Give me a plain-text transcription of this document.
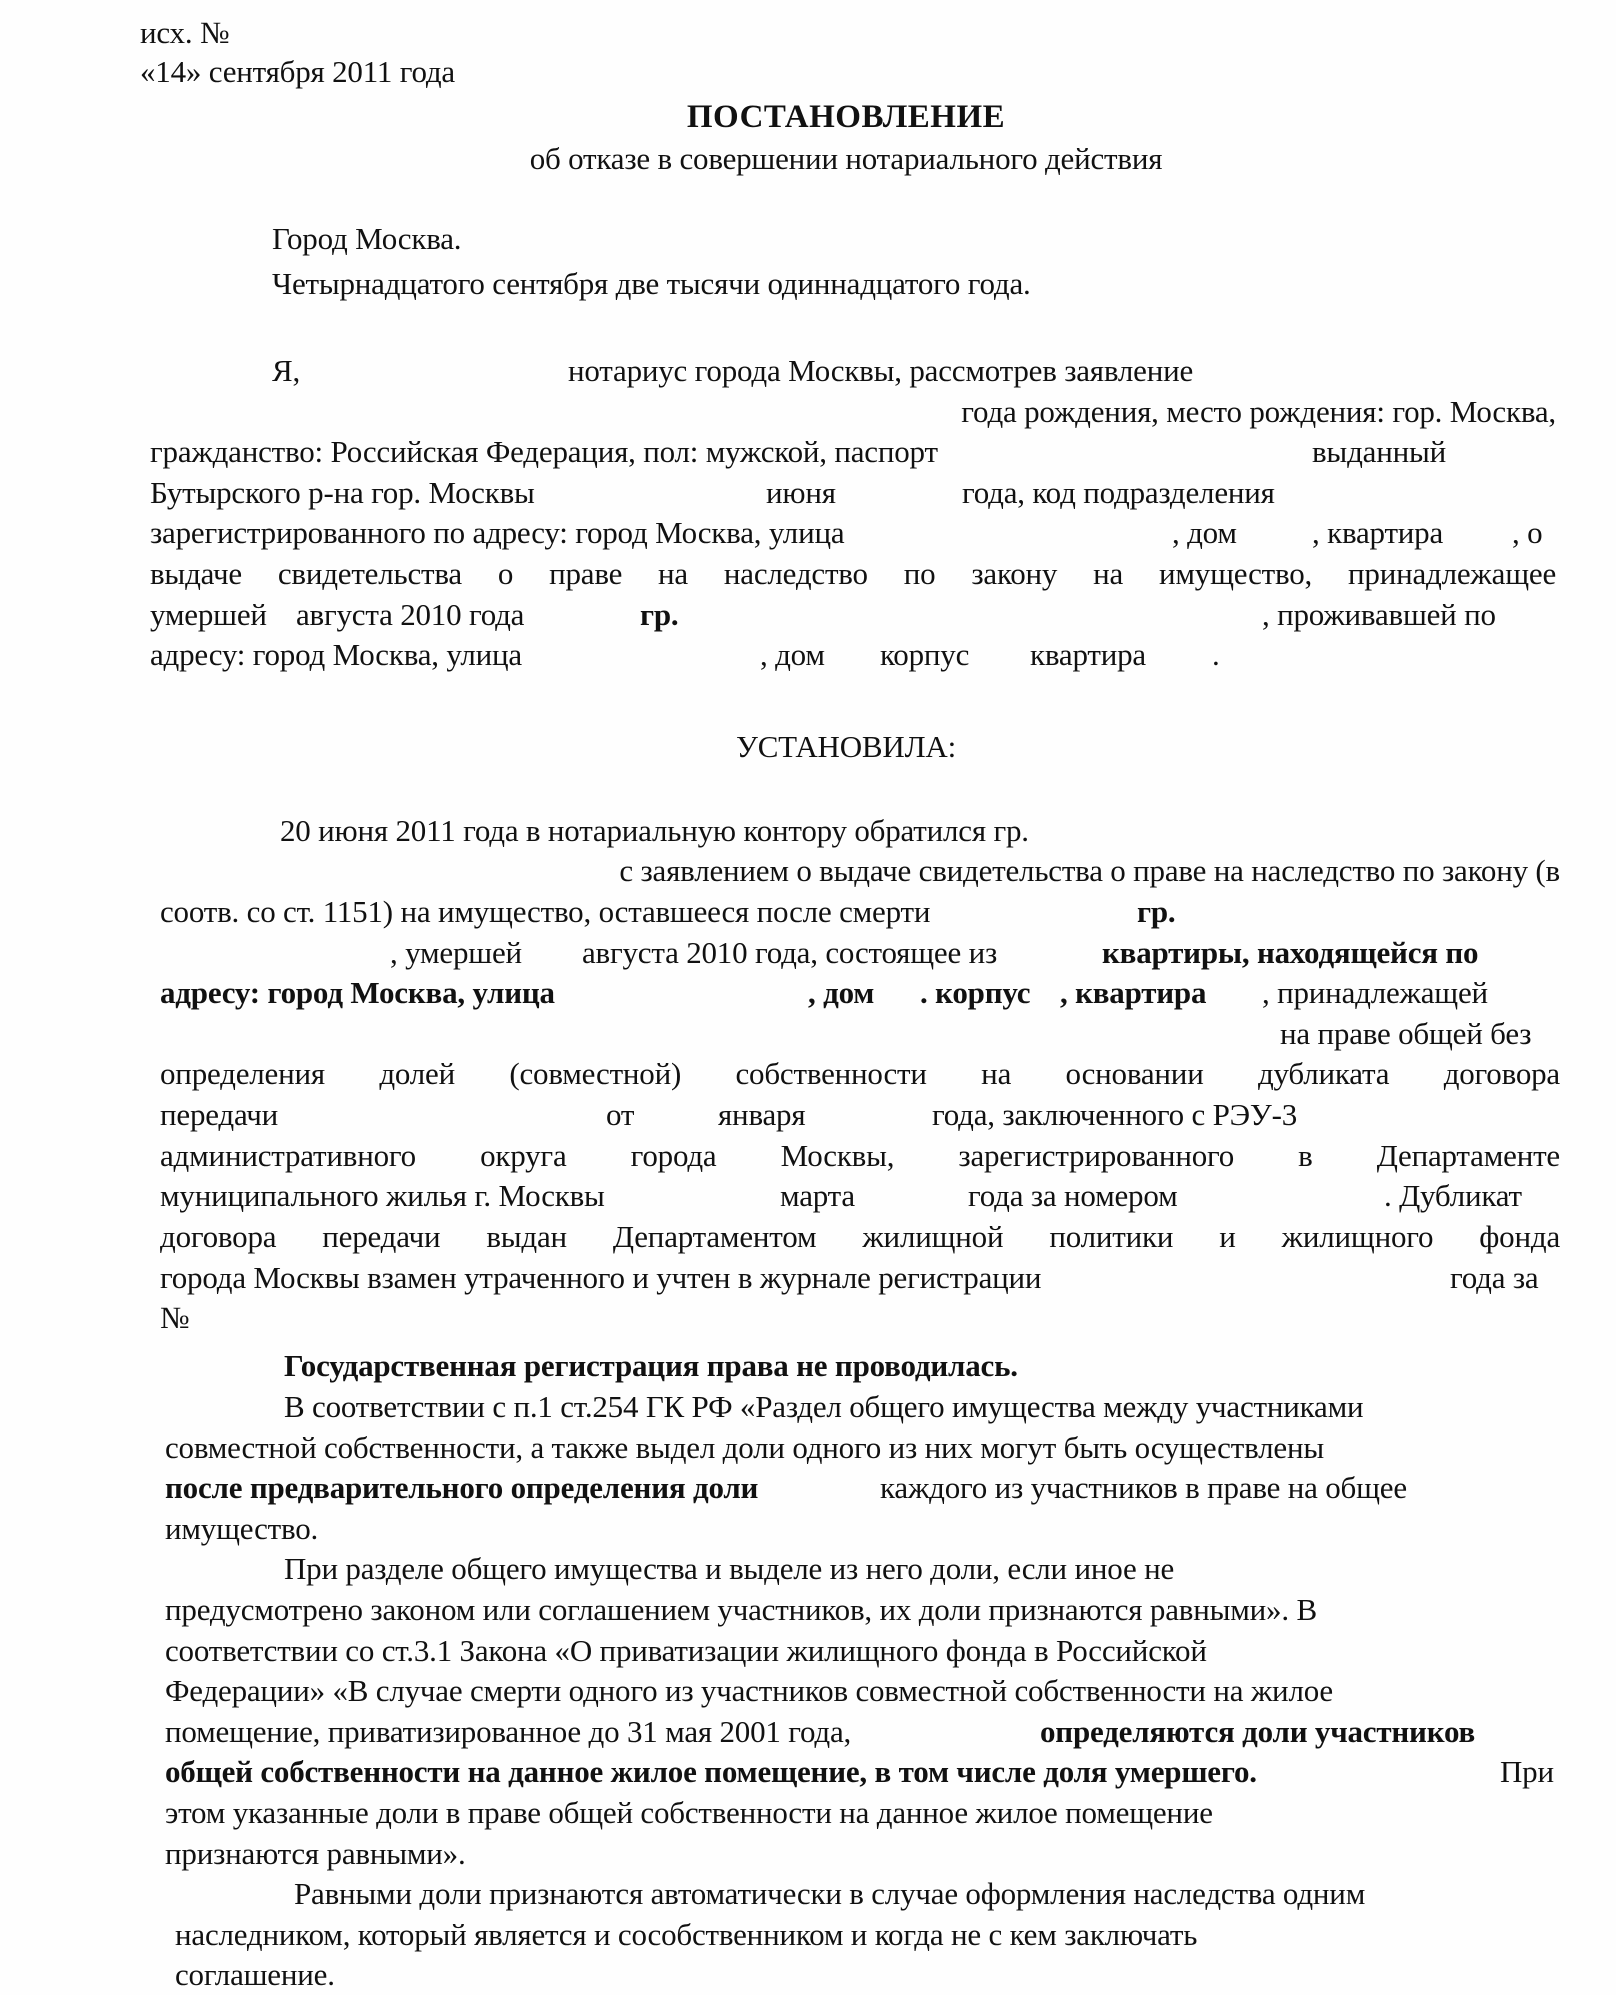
исх. №
«14» сентября 2011 года
ПОСТАНОВЛЕНИЕ
об отказе в совершении нотариального действия
Город Москва.
Четырнадцатого сентября две тысячи одиннадцатого года.
Я,	нотариус города Москвы, рассмотрев заявление
года рождения, место рождения: гор. Москва,
гражданство: Российская Федерация, пол: мужской, паспорт	выданный
Бутырского р-на гор. Москвы	июня	года, код подразделения
зарегистрированного по адресу: город Москва, улица	, дом , квартира , о
выдаче свидетельства о праве на наследство по закону на имущество, принадлежащее
умершей августа 2010 года	гр.	, проживавшей по
адресу: город Москва, улица	, дом корпус квартира .
УСТАНОВИЛА:
20 июня 2011 года в нотариальную контору обратился гр.
с заявлением о выдаче свидетельства о праве на наследство по закону (в
соотв. со ст. 1151) на имущество, оставшееся после смерти	гр.
, умершей августа 2010 года, состоящее из	квартиры, находящейся по
адресу: город Москва, улица	, дом . корпус , квартира , принадлежащей
на праве общей без
определения долей (совместной) собственности на основании дубликата договора
передачи	от	января	года, заключенного с РЭУ-3
административного округа города Москвы, зарегистрированного в Департаменте
муниципального жилья г. Москвы	марта	года за номером	. Дубликат
договора передачи выдан Департаментом жилищной политики и жилищного фонда
города Москвы взамен утраченного и учтен в журнале регистрации	года за
№
Государственная регистрация права не проводилась.
В соответствии с п.1 ст.254 ГК РФ «Раздел общего имущества между участниками
совместной собственности, а также выдел доли одного из них могут быть осуществлены
после предварительного определения доли	каждого из участников в праве на общее
имущество.
При разделе общего имущества и выделе из него доли, если иное не
предусмотрено законом или соглашением участников, их доли признаются равными». В
соответствии со ст.3.1 Закона «О приватизации жилищного фонда в Российской
Федерации» «В случае смерти одного из участников совместной собственности на жилое
помещение, приватизированное до 31 мая 2001 года,	определяются доли участников
общей собственности на данное жилое помещение, в том числе доля умершего.	При
этом указанные доли в праве общей собственности на данное жилое помещение
признаются равными».
Равными доли признаются автоматически в случае оформления наследства одним
наследником, который является и сособственником и когда не с кем заключать
соглашение.
